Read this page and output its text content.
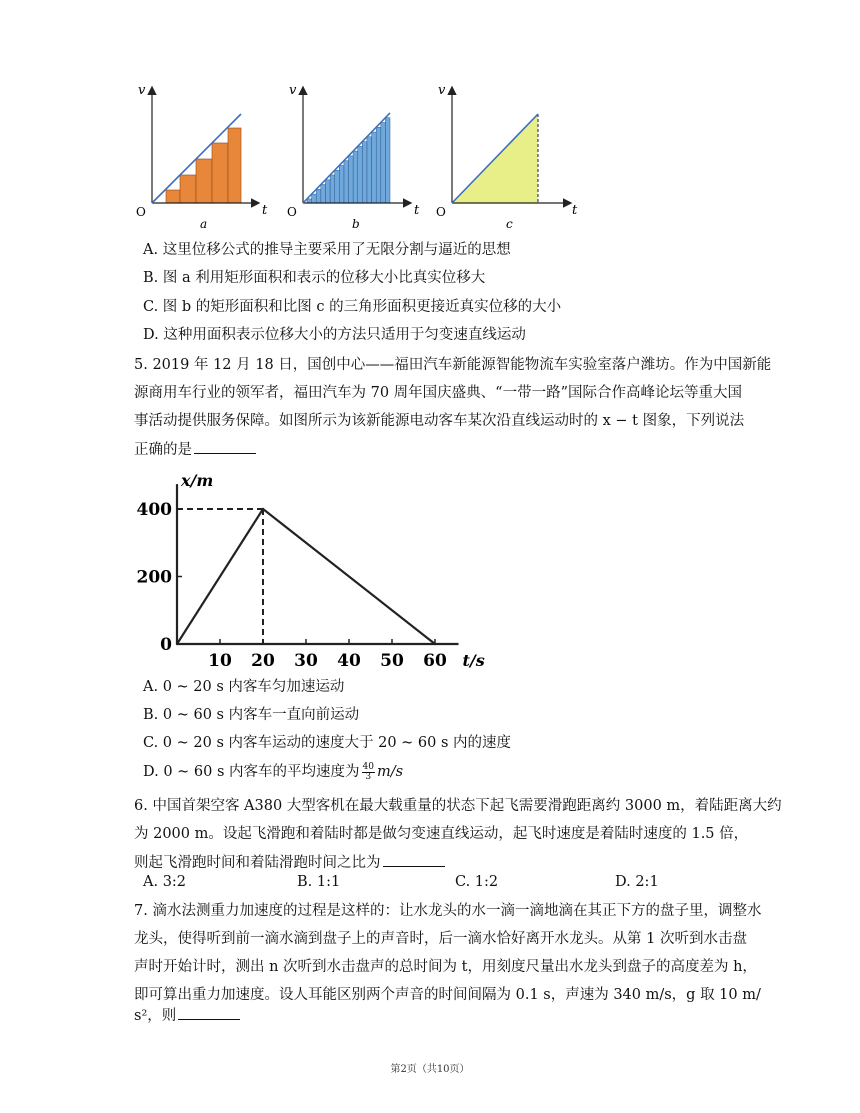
v
t
O
a
v
t
O
b
v
t
O
c
A. 这里位移公式的推导主要采用了无限分割与逼近的思想
B. 图 a 利用矩形面积和表示的位移大小比真实位移大
C. 图 b 的矩形面积和比图 c 的三角形面积更接近真实位移的大小
D. 这种用面积表示位移大小的方法只适用于匀变速直线运动
5. 2019 年 12 月 18 日，国创中心——福田汽车新能源智能物流车实验室落户潍坊。作为中国新能
源商用车行业的领军者，福田汽车为 70 周年国庆盛典、“一带一路”国际合作高峰论坛等重大国
事活动提供服务保障。如图所示为该新能源电动客车某次沿直线运动时的 x − t 图象，下列说法
正确的是
0
200
400
10 20 30 40 50 60
x/m
t/s
A. 0 ~ 20 s 内客车匀加速运动
B. 0 ~ 60 s 内客车一直向前运动
C. 0 ~ 20 s 内客车运动的速度大于 20 ~ 60 s 内的速度
D. 0 ~ 60 s 内客车的平均速度为 $\frac{40}{3} m/s$
6. 中国首架空客 A380 大型客机在最大载重量的状态下起飞需要滑跑距离约 3000 m，着陆距离大约
为 2000 m。设起飞滑跑和着陆时都是做匀变速直线运动，起飞时速度是着陆时速度的 1.5 倍，
则起飞滑跑时间和着陆滑跑时间之比为
A. 3:2	B. 1:1	C. 1:2	D. 2:1
7. 滴水法测重力加速度的过程是这样的：让水龙头的水一滴一滴地滴在其正下方的盘子里，调整水
龙头，使得听到前一滴水滴到盘子上的声音时，后一滴水恰好离开水龙头。从第 1 次听到水击盘
声时开始计时，测出 n 次听到水击盘声的总时间为 t，用刻度尺量出水龙头到盘子的高度差为 h，
即可算出重力加速度。设人耳能区别两个声音的时间间隔为 0.1 s，声速为 340 m/s，g 取 10 m/
s²，则
第2页（共10页）
